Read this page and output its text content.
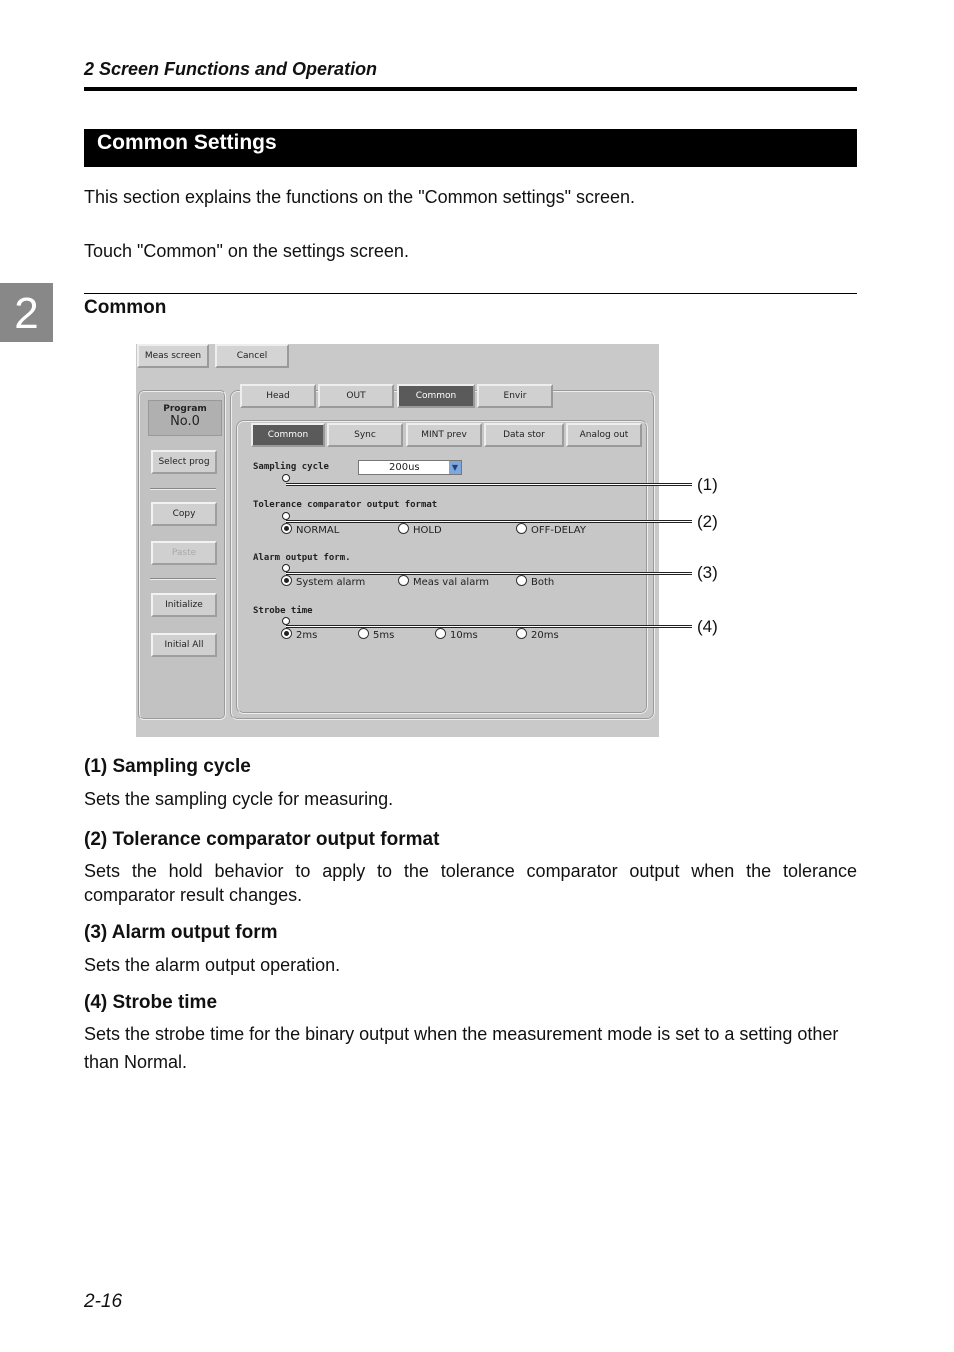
2 Screen Functions and Operation
Common Settings
This section explains the functions on the "Common settings" screen.
Touch "Common" on the settings screen.
2	Common
Meas screen	Cancel
Program
No.0
Select prog
Copy
Paste
Initialize
Initial All
Head	OUT	Common	Envir
Common	Sync	MINT prev	Data stor	Analog out
Sampling cycle	200us	▼
Tolerance comparator output format
NORMAL	HOLD	OFF-DELAY
Alarm output form.
System alarm	Meas val alarm	Both
Strobe time
2ms	5ms	10ms	20ms
(1)
(2)
(3)
(4)
(1) Sampling cycle
Sets the sampling cycle for measuring.
(2) Tolerance comparator output format
Sets the hold behavior to apply to the tolerance comparator output when the tolerance comparator result changes.
(3) Alarm output form
Sets the alarm output operation.
(4) Strobe time
Sets the strobe time for the binary output when the measurement mode is set to a setting other than Normal.
2-16
